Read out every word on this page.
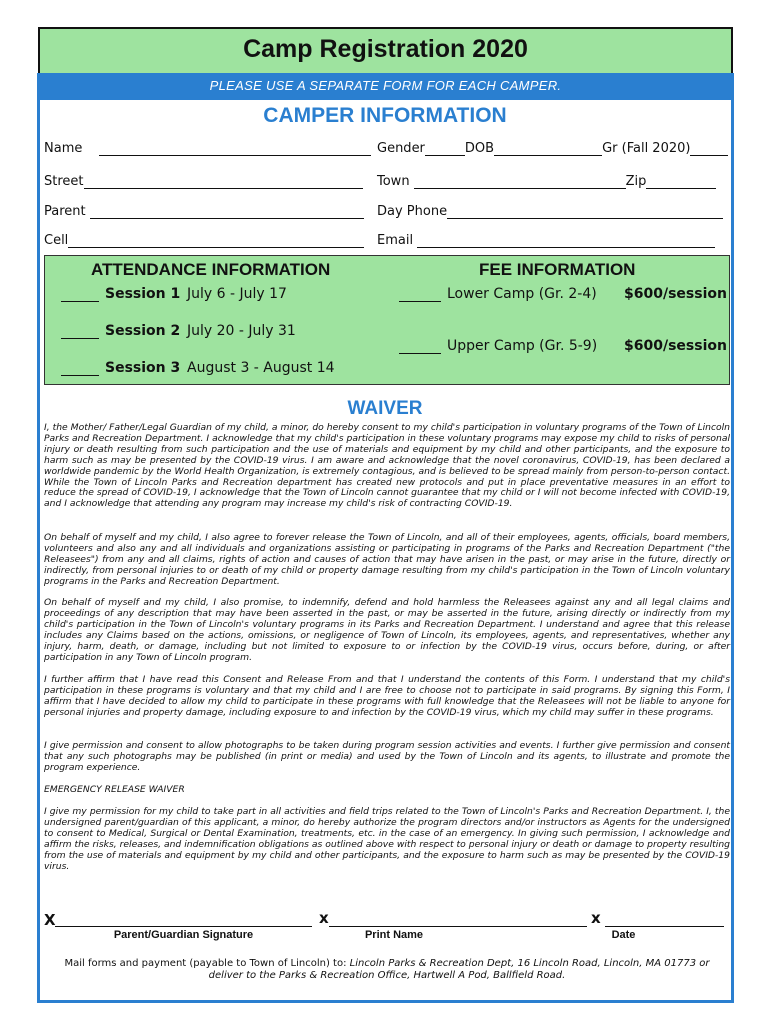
Camp Registration 2020
PLEASE USE A SEPARATE FORM FOR EACH CAMPER.
CAMPER INFORMATION
Name	Gender	DOB	Gr (Fall 2020)
Street	Town	Zip
Parent	Day Phone
Cell	Email
ATTENDANCE INFORMATION	FEE INFORMATION
Session 1 July 6 - July 17
Session 2 July 20 - July 31
Session 3 August 3 - August 14
Lower Camp (Gr. 2-4)	$600/session
Upper Camp (Gr. 5-9)	$600/session
WAIVER

I, the Mother/ Father/Legal Guardian of my child, a minor, do hereby consent to my child's participation in voluntary programs of the Town of Lincoln Parks and Recreation Department. I acknowledge that my child's participation in these voluntary programs may expose my child to risks of personal injury or death resulting from such participation and the use of materials and equipment by my child and other participants, and the exposure to harm such as may be presented by the COVID-19 virus. I am aware and acknowledge that the novel coronavirus, COVID-19, has been declared a worldwide pandemic by the World Health Organization, is extremely contagious, and is believed to be spread mainly from person-to-person contact. While the Town of Lincoln Parks and Recreation department has created new protocols and put in place preventative measures in an effort to reduce the spread of COVID-19, I acknowledge that the Town of Lincoln cannot guarantee that my child or I will not become infected with COVID-19, and I acknowledge that attending any program may increase my child's risk of contracting COVID-19.

On behalf of myself and my child, I also agree to forever release the Town of Lincoln, and all of their employees, agents, officials, board members, volunteers and also any and all individuals and organizations assisting or participating in programs of the Parks and Recreation Department ("the Releasees") from any and all claims, rights of action and causes of action that may have arisen in the past, or may arise in the future, directly or indirectly, from personal injuries to or death of my child or property damage resulting from my child's participation in the Town of Lincoln voluntary programs in the Parks and Recreation Department.

On behalf of myself and my child, I also promise, to indemnify, defend and hold harmless the Releasees against any and all legal claims and proceedings of any description that may have been asserted in the past, or may be asserted in the future, arising directly or indirectly from my child's participation in the Town of Lincoln's voluntary programs in its Parks and Recreation Department. I understand and agree that this release includes any Claims based on the actions, omissions, or negligence of Town of Lincoln, its employees, agents, and representatives, whether any injury, harm, death, or damage, including but not limited to exposure to or infection by the COVID-19 virus, occurs before, during, or after participation in any Town of Lincoln program.

I further affirm that I have read this Consent and Release From and that I understand the contents of this Form. I understand that my child's participation in these programs is voluntary and that my child and I are free to choose not to participate in said programs. By signing this Form, I affirm that I have decided to allow my child to participate in these programs with full knowledge that the Releasees will not be liable to anyone for personal injuries and property damage, including exposure to and infection by the COVID-19 virus, which my child may suffer in these programs.

I give permission and consent to allow photographs to be taken during program session activities and events. I further give permission and consent that any such photographs may be published (in print or media) and used by the Town of Lincoln and its agents, to illustrate and promote the program experience.

EMERGENCY RELEASE WAIVER

I give my permission for my child to take part in all activities and field trips related to the Town of Lincoln's Parks and Recreation Department. I, the undersigned parent/guardian of this applicant, a minor, do hereby authorize the program directors and/or instructors as Agents for the undersigned to consent to Medical, Surgical or Dental Examination, treatments, etc. in the case of an emergency. In giving such permission, I acknowledge and affirm the risks, releases, and indemnification obligations as outlined above with respect to personal injury or death or damage to property resulting from the use of materials and equipment by my child and other participants, and the exposure to harm such as may be presented by the COVID-19 virus.

X
Parent/Guardian Signature
x
Print Name
x
Date
Mail forms and payment (payable to Town of Lincoln) to: Lincoln Parks & Recreation Dept, 16 Lincoln Road, Lincoln, MA 01773 or
deliver to the Parks & Recreation Office, Hartwell A Pod, Ballfield Road.
